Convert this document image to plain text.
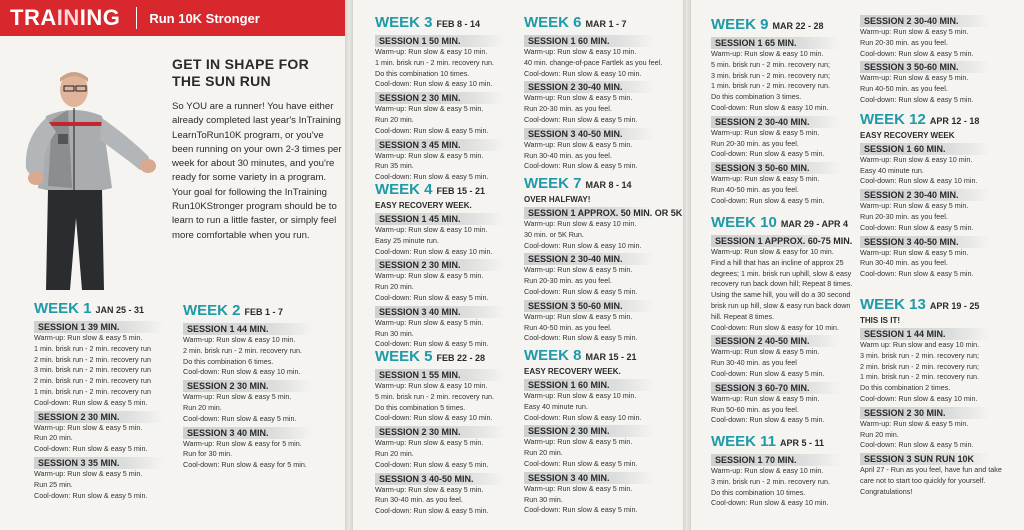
TRAINING Run 10K Stronger
GET IN SHAPE FOR THE SUN RUN
So YOU are a runner! You have either already completed last year's InTraining LearnToRun10K program, or you've been running on your own 2-3 times per week for about 30 minutes, and you're ready for some variety in a program. Your goal for following the InTraining Run10KStronger program should be to learn to run a little faster, or simply feel more comfortable when you run.
WEEK 1 JAN 25 - 31
SESSION 1 39 MIN.
Warm-up: Run slow & easy 5 min.
1 min. brisk run - 2 min. recovery run
2 min. brisk run - 2 min. recovery run
3 min. brisk run - 2 min. recovery run
2 min. brisk run - 2 min. recovery run
1 min. brisk run - 2 min. recovery run
Cool-down: Run slow & easy 5 min.
SESSION 2 30 MIN.
Warm-up: Run slow & easy 5 min.
Run 20 min.
Cool-down: Run slow & easy 5 min.
SESSION 3 35 MIN.
Warm-up: Run slow & easy 5 min.
Run 25 min.
Cool-down: Run slow & easy 5 min.
WEEK 2 FEB 1 - 7
SESSION 1 44 MIN.
Warm-up: Run slow & easy 10 min.
2 min. brisk run - 2 min. recovery run.
Do this combination 6 times.
Cool-down: Run slow & easy 10 min.
SESSION 2 30 MIN.
Warm-up: Run slow & easy 5 min.
Run 20 min.
Cool-down: Run slow & easy 5 min.
SESSION 3 40 MIN.
Warm-up: Run slow & easy for 5 min.
Run for 30 min.
Cool-down: Run slow & easy for 5 min.
WEEK 3 FEB 8 - 14
SESSION 1 50 MIN.
Warm-up: Run slow & easy 10 min.
1 min. brisk run - 2 min. recovery run.
Do this combination 10 times.
Cool-down: Run slow & easy 10 min.
SESSION 2 30 MIN.
Warm-up: Run slow & easy 5 min.
Run 20 min.
Cool-down: Run slow & easy 5 min.
SESSION 3 45 MIN.
Warm-up: Run slow & easy 5 min.
Run 35 min.
Cool-down: Run slow & easy 5 min.
WEEK 4 FEB 15 - 21
EASY RECOVERY WEEK.
SESSION 1 45 MIN.
Warm-up: Run slow & easy 10 min.
Easy 25 minute run.
Cool-down: Run slow & easy 10 min.
SESSION 2 30 MIN.
Warm-up: Run slow & easy 5 min.
Run 20 min.
Cool-down: Run slow & easy 5 min.
SESSION 3 40 MIN.
Warm-up: Run slow & easy 5 min.
Run 30 min.
Cool-down: Run slow & easy 5 min.
WEEK 5 FEB 22 - 28
SESSION 1 55 MIN.
Warm-up: Run slow & easy 10 min.
5 min. brisk run - 2 min. recovery run.
Do this combination 5 times.
Cool-down: Run slow & easy 10 min.
SESSION 2 30 MIN.
Warm-up: Run slow & easy 5 min.
Run 20 min.
Cool-down: Run slow & easy 5 min.
SESSION 3 40-50 MIN.
Warm-up: Run slow & easy 5 min.
Run 30-40 min. as you feel.
Cool-down: Run slow & easy 5 min.
WEEK 6 MAR 1 - 7
SESSION 1 60 MIN.
Warm-up: Run slow & easy 10 min.
40 min. change-of-pace Fartlek as you feel.
Cool-down: Run slow & easy 10 min.
SESSION 2 30-40 MIN.
Warm-up: Run slow & easy 5 min.
Run 20-30 min. as you feel.
Cool-down: Run slow & easy 5 min.
SESSION 3 40-50 MIN.
Warm-up: Run slow & easy 5 min.
Run 30-40 min. as you feel.
Cool-down: Run slow & easy 5 min.
WEEK 7 MAR 8 - 14
OVER HALFWAY!
SESSION 1 APPROX. 50 MIN. OR 5K
Warm-up: Run slow & easy 10 min.
30 min. or 5K Run.
Cool-down: Run slow & easy 10 min.
SESSION 2 30-40 MIN.
Warm-up: Run slow & easy 5 min.
Run 20-30 min. as you feel.
Cool-down: Run slow & easy 5 min.
SESSION 3 50-60 MIN.
Warm-up: Run slow & easy 5 min.
Run 40-50 min. as you feel.
Cool-down: Run slow & easy 5 min.
WEEK 8 MAR 15 - 21
EASY RECOVERY WEEK.
SESSION 1 60 MIN.
Warm-up: Run slow & easy 10 min.
Easy 40 minute run.
Cool-down: Run slow & easy 10 min.
SESSION 2 30 MIN.
Warm-up: Run slow & easy 5 min.
Run 20 min.
Cool-down: Run slow & easy 5 min.
SESSION 3 40 MIN.
Warm-up: Run slow & easy 5 min.
Run 30 min.
Cool-down: Run slow & easy 5 min.
WEEK 9 MAR 22 - 28
SESSION 1 65 MIN.
Warm-up: Run slow & easy 10 min.
5 min. brisk run - 2 min. recovery run;
3 min. brisk run - 2 min. recovery run;
1 min. brisk run - 2 min. recovery run.
Do this combination 3 times.
Cool-down: Run slow & easy 10 min.
SESSION 2 30-40 MIN.
Warm-up: Run slow & easy 5 min.
Run 20-30 min. as you feel.
Cool-down: Run slow & easy 5 min.
SESSION 3 50-60 MIN.
Warm-up: Run slow & easy 5 min.
Run 40-50 min. as you feel.
Cool-down: Run slow & easy 5 min.
WEEK 10 MAR 29 - APR 4
SESSION 1 APPROX. 60-75 MIN.
Warm-up: Run slow & easy for 10 min.
Find a hill that has an incline of approx 25
degrees; 1 min. brisk run uphill, slow & easy
recovery run back down hill; Repeat 8 times.
Using the same hill, you will do a 30 second
brisk run up hill, slow & easy run back down
hill. Repeat 8 times.
Cool-down: Run slow & easy for 10 min.
SESSION 2 40-50 MIN.
Warm-up: Run slow & easy 5 min.
Run 30-40 min. as you feel
Cool-down: Run slow & easy 5 min.
SESSION 3 60-70 MIN.
Warm-up: Run slow & easy 5 min.
Run 50-60 min. as you feel.
Cool-down: Run slow & easy 5 min.
WEEK 11 APR 5 - 11
SESSION 1 70 MIN.
Warm-up: Run slow & easy 10 min.
3 min. brisk run - 2 min. recovery run.
Do this combination 10 times.
Cool-down: Run slow & easy 10 min.
SESSION 2 30-40 MIN.
Warm-up: Run slow & easy 5 min.
Run 20-30 min. as you feel.
Cool-down: Run slow & easy 5 min.
SESSION 3 50-60 MIN.
Warm-up: Run slow & easy 5 min.
Run 40-50 min. as you feel.
Cool-down: Run slow & easy 5 min.
WEEK 12 APR 12 - 18
EASY RECOVERY WEEK
SESSION 1 60 MIN.
Warm-up: Run slow & easy 10 min.
Easy 40 minute run.
Cool-down: Run slow & easy 10 min.
SESSION 2 30-40 MIN.
Warm-up: Run slow & easy 5 min.
Run 20-30 min. as you feel.
Cool-down: Run slow & easy 5 min.
SESSION 3 40-50 MIN.
Warm-up: Run slow & easy 5 min.
Run 30-40 min. as you feel.
Cool-down: Run slow & easy 5 min.
WEEK 13 APR 19 - 25
THIS IS IT!
SESSION 1 44 MIN.
Warm up: Run slow and easy 10 min.
3 min. brisk run - 2 min. recovery run;
2 min. brisk run - 2 min. recovery run;
1 min. brisk run - 2 min. recovery run.
Do this combination 2 times.
Cool-down: Run slow & easy 10 min.
SESSION 2 30 MIN.
Warm-up: Run slow & easy 5 min.
Run 20 min.
Cool-down: Run slow & easy 5 min.
SESSION 3 SUN RUN 10K
April 27 - Run as you feel, have fun and take
care not to start too quickly for yourself.
Congratulations!
